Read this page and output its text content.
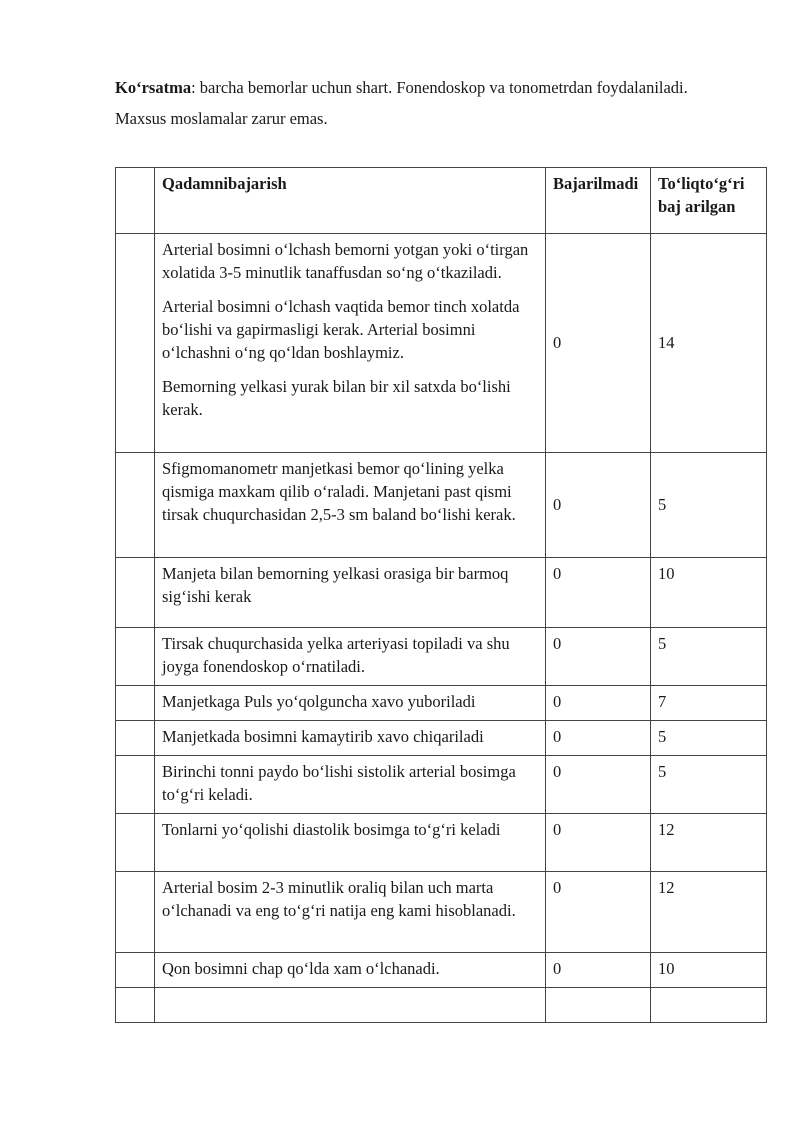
Ko‘rsatma: barcha bemorlar uchun shart. Fonendoskop va tonometrdan foydalaniladi.

Maxsus moslamalar zarur emas.

	Qadamnibajarish	Bajarilmadi	To‘liqto‘g‘ri baj arilgan

	Arterial bosimni o‘lchash bemorni yotgan yoki o‘tirgan xolatida 3-5 minutlik tanaffusdan so‘ng o‘tkaziladi.
Arterial bosimni o‘lchash vaqtida bemor tinch xolatda bo‘lishi va gapirmasligi kerak. Arterial bosimni o‘lchashni o‘ng qo‘ldan boshlaymiz.
Bemorning yelkasi yurak bilan bir xil satxda bo‘lishi kerak.	0	14

	Sfigmomanometr manjetkasi bemor qo‘lining yelka qismiga maxkam qilib o‘raladi. Manjetani past qismi tirsak chuqurchasidan 2,5-3 sm baland bo‘lishi kerak.	0	5

	Manjeta bilan bemorning yelkasi orasiga bir barmoq sig‘ishi kerak	0	10

	Tirsak chuqurchasida yelka arteriyasi topiladi va shu joyga fonendoskop o‘rnatiladi.	0	5

	Manjetkaga Puls yo‘qolguncha xavo yuboriladi	0	7

	Manjetkada bosimni kamaytirib xavo chiqariladi	0	5

	Birinchi tonni paydo bo‘lishi sistolik arterial bosimga to‘g‘ri keladi.	0	5

	Tonlarni yo‘qolishi diastolik bosimga to‘g‘ri keladi	0	12

	Arterial bosim 2-3 minutlik oraliq bilan uch marta o‘lchanadi va eng to‘g‘ri natija eng kami hisoblanadi.	0	12

	Qon bosimni chap qo‘lda xam o‘lchanadi.	0	10
